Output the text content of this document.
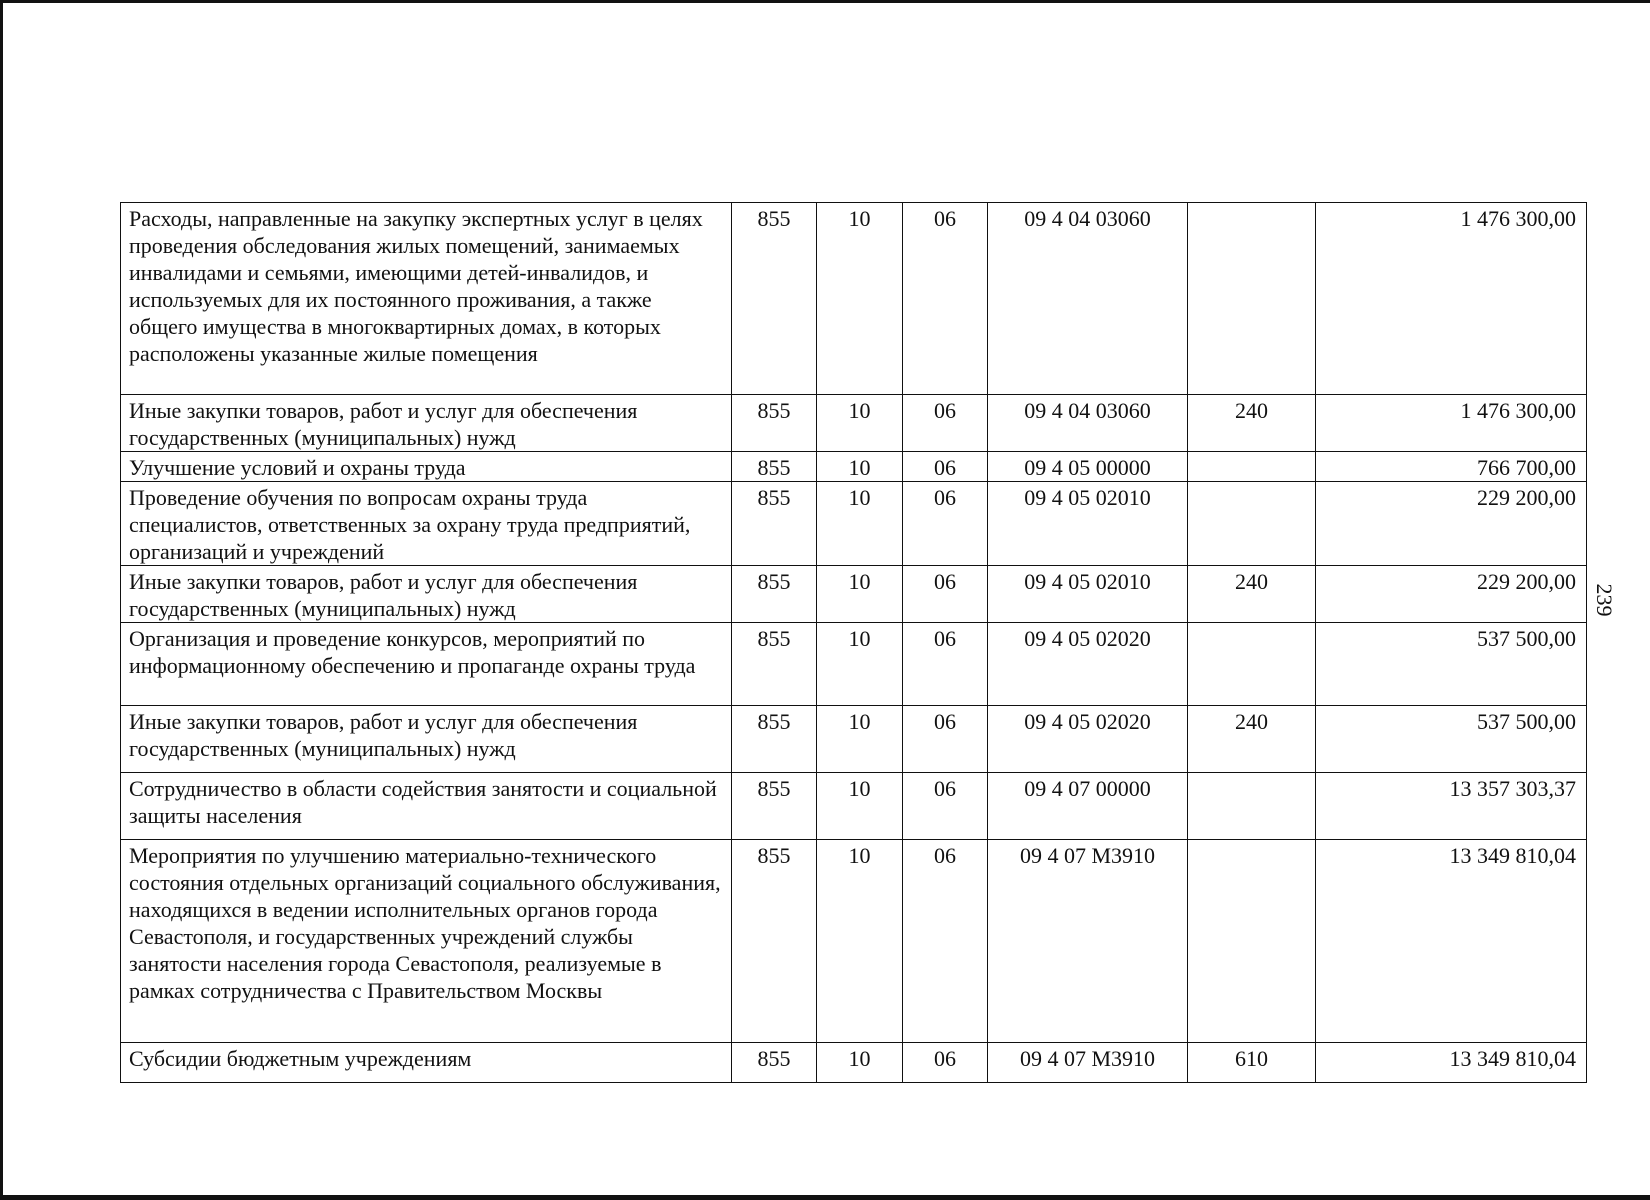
Расходы, направленные на закупку экспертных услуг в целях проведения обследования жилых помещений, занимаемых инвалидами и семьями, имеющими детей-инвалидов, и используемых для их постоянного проживания, а также общего имущества в многоквартирных домах, в которых расположены указанные жилые помещения	855	10	06	09 4 04 03060		1 476 300,00
Иные закупки товаров, работ и услуг для обеспечения государственных (муниципальных) нужд	855	10	06	09 4 04 03060	240	1 476 300,00
Улучшение условий и охраны труда	855	10	06	09 4 05 00000		766 700,00
Проведение обучения по вопросам охраны труда специалистов, ответственных за охрану труда предприятий, организаций и учреждений	855	10	06	09 4 05 02010		229 200,00
Иные закупки товаров, работ и услуг для обеспечения государственных (муниципальных) нужд	855	10	06	09 4 05 02010	240	229 200,00
Организация и проведение конкурсов, мероприятий по информационному обеспечению и пропаганде охраны труда	855	10	06	09 4 05 02020		537 500,00
Иные закупки товаров, работ и услуг для обеспечения государственных (муниципальных) нужд	855	10	06	09 4 05 02020	240	537 500,00
Сотрудничество в области содействия занятости и социальной защиты населения	855	10	06	09 4 07 00000		13 357 303,37
Мероприятия по улучшению материально-технического состояния отдельных организаций социального обслуживания, находящихся в ведении исполнительных органов города Севастополя, и государственных учреждений службы занятости населения города Севастополя, реализуемые в рамках сотрудничества с Правительством Москвы	855	10	06	09 4 07 М3910		13 349 810,04
Субсидии бюджетным учреждениям	855	10	06	09 4 07 М3910	610	13 349 810,04
239
